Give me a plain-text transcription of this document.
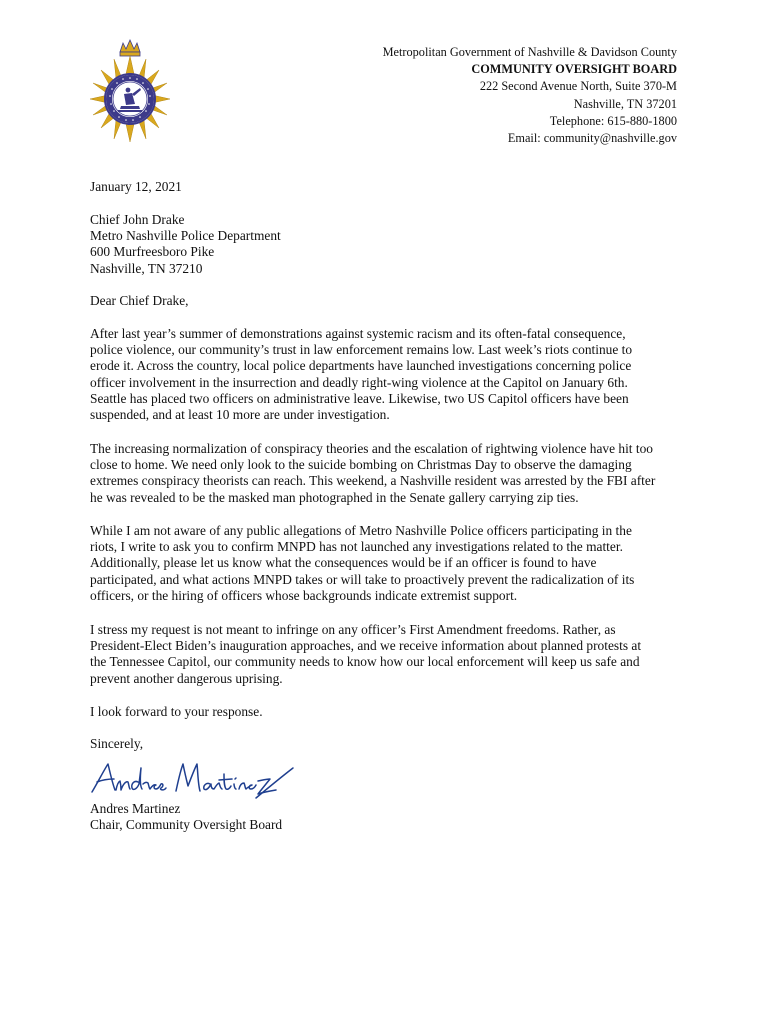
Metropolitan Government of Nashville & Davidson County
COMMUNITY OVERSIGHT BOARD
222 Second Avenue North, Suite 370-M
Nashville, TN 37201
Telephone: 615-880-1800
Email: community@nashville.gov
January 12, 2021
Chief John Drake
Metro Nashville Police Department
600 Murfreesboro Pike
Nashville, TN 37210
Dear Chief Drake,
After last year’s summer of demonstrations against systemic racism and its often-fatal consequence,
police violence, our community’s trust in law enforcement remains low. Last week’s riots continue to
erode it. Across the country, local police departments have launched investigations concerning police
officer involvement in the insurrection and deadly right-wing violence at the Capitol on January 6th.
Seattle has placed two officers on administrative leave. Likewise, two US Capitol officers have been
suspended, and at least 10 more are under investigation.
The increasing normalization of conspiracy theories and the escalation of rightwing violence have hit too
close to home. We need only look to the suicide bombing on Christmas Day to observe the damaging
extremes conspiracy theorists can reach. This weekend, a Nashville resident was arrested by the FBI after
he was revealed to be the masked man photographed in the Senate gallery carrying zip ties.
While I am not aware of any public allegations of Metro Nashville Police officers participating in the
riots, I write to ask you to confirm MNPD has not launched any investigations related to the matter.
Additionally, please let us know what the consequences would be if an officer is found to have
participated, and what actions MNPD takes or will take to proactively prevent the radicalization of its
officers, or the hiring of officers whose backgrounds indicate extremist support.
I stress my request is not meant to infringe on any officer’s First Amendment freedoms. Rather, as
President-Elect Biden’s inauguration approaches, and we receive information about planned protests at
the Tennessee Capitol, our community needs to know how our local enforcement will keep us safe and
prevent another dangerous uprising.
I look forward to your response.
Sincerely,
Andres Martinez
Chair, Community Oversight Board
